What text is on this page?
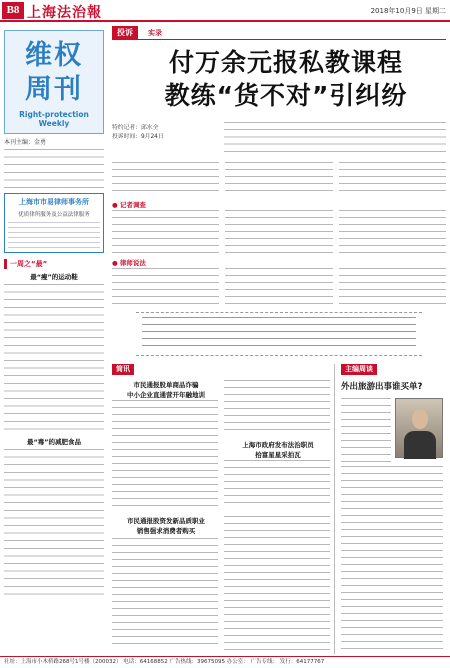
B8 上海法治報	2018年10月9日 星期二
维权
周刊
Right-protection Weekly
本刊主编：金勇
上海市市易律师事务所
优质律所服务及公益法律服务
一周之“最”
最“瘦”的运动鞋
最“毒”的减肥食品
投诉	实录
付万余元报私教课程
教练“货不对”引纠纷
特约记者：邱水全
投诉时间：9月24日
● 记者调查
● 律师说法
简讯
市民通报股单商品诈骗
中小企业直通营开年融地训
上海市政府发布法治职员
拾富星星采拍瓦
市民通报股资发新品质职业
销售强求消费者购买
主编周谈
外出旅游出事谁买单?
社址：上海市小木桥路268号1号楼（200032） 电话：64168852 广告热线：39675095 办公室： 广告专线： 发行：64177767
